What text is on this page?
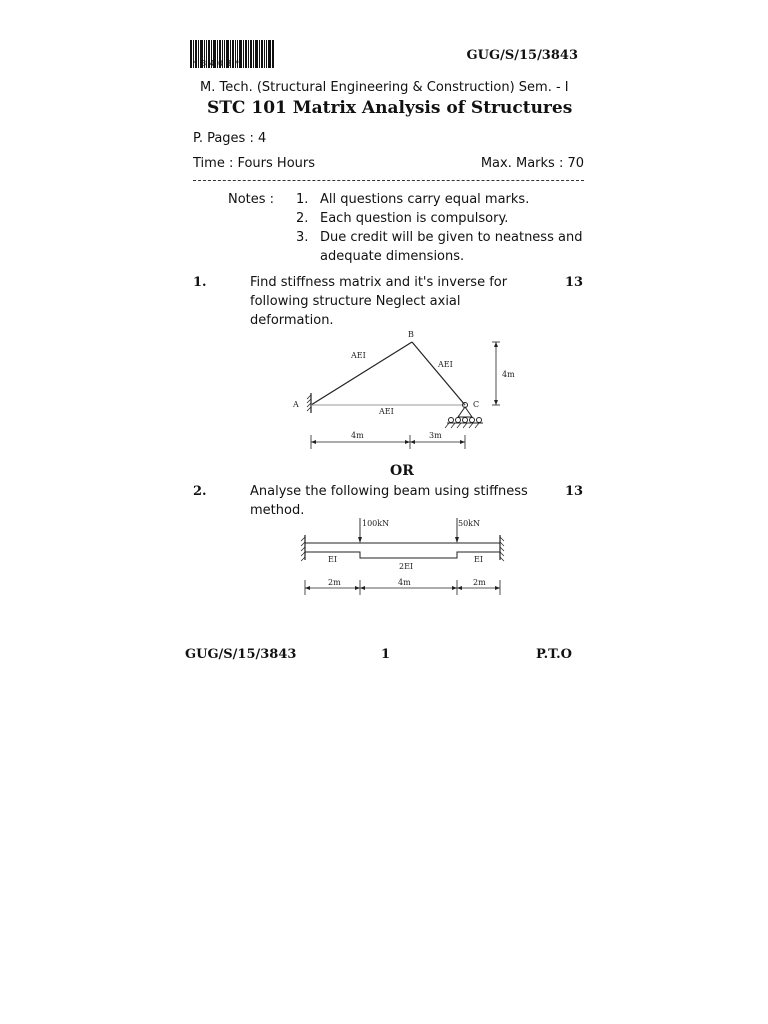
*3403*
GUG/S/15/3843
M. Tech. (Structural Engineering & Construction) Sem. - I
STC 101 Matrix Analysis of Structures
P. Pages : 4
Time : Fours Hours	Max. Marks : 70
Notes : 1. All questions carry equal marks.
2. Each question is compulsory.
3. Due credit will be given to neatness and adequate dimensions.
1.	Find stiffness matrix and it's inverse for following structure Neglect axial deformation.
13
B
A	C
AEI
AEI
AEI
4m
4m	3m
OR
2.	Analyse the following beam using stiffness method.
13
100kN	50kN
EI
2EI
EI
2m	4m	2m
GUG/S/15/3843	1	P.T.O
